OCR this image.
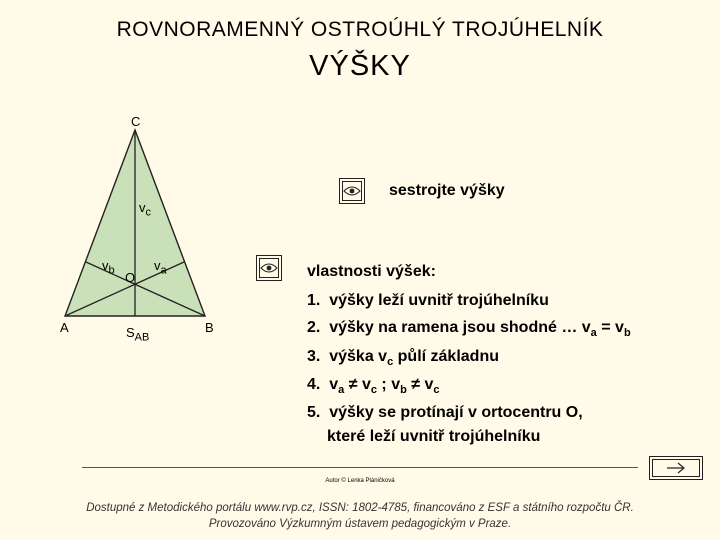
ROVNORAMENNÝ OSTROÚHLÝ TROJÚHELNÍK
VÝŠKY
C
A	B
$v_c$
$v_b$	$v_a$
O
$S_{AB}$
sestrojte výšky
vlastnosti výšek:
1. výšky leží uvnitř trojúhelníku
2. výšky na ramena jsou shodné … $v_a = v_b$
3. výška $v_c$ půlí základnu
4. $v_a \ne v_c$ ; $v_b \ne v_c$
5. výšky se protínají v ortocentru O,
které leží uvnitř trojúhelníku
Autor © Lenka Pláničková
Dostupné z Metodického portálu www.rvp.cz, ISSN: 1802-4785, financováno z ESF a státního rozpočtu ČR.
Provozováno Výzkumným ústavem pedagogickým v Praze.
